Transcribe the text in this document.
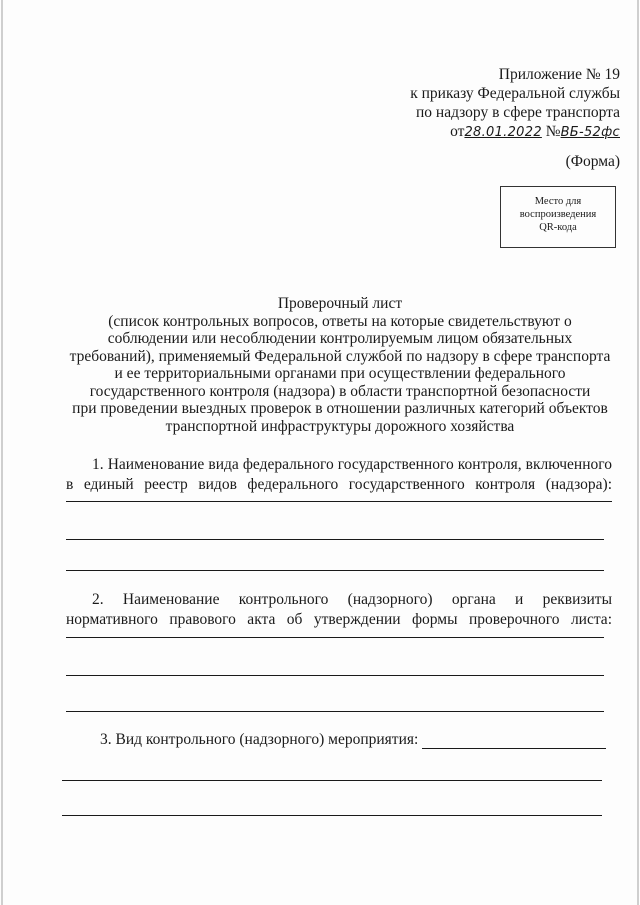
Приложение № 19
к приказу Федеральной службы
по надзору в сфере транспорта
от28.01.2022 №ВБ-52фс
(Форма)
Место для
воспроизведения
QR-кода
Проверочный лист
(список контрольных вопросов, ответы на которые свидетельствуют о
соблюдении или несоблюдении контролируемым лицом обязательных
требований), применяемый Федеральной службой по надзору в сфере транспорта
и ее территориальными органами при осуществлении федерального
государственного контроля (надзора) в области транспортной безопасности
при проведении выездных проверок в отношении различных категорий объектов
транспортной инфраструктуры дорожного хозяйства
1. Наименование вида федерального государственного контроля, включенного
в единый реестр видов федерального государственного контроля (надзора):
2. Наименование контрольного (надзорного) органа и реквизиты
нормативного правового акта об утверждении формы проверочного листа:
3. Вид контрольного (надзорного) мероприятия:
